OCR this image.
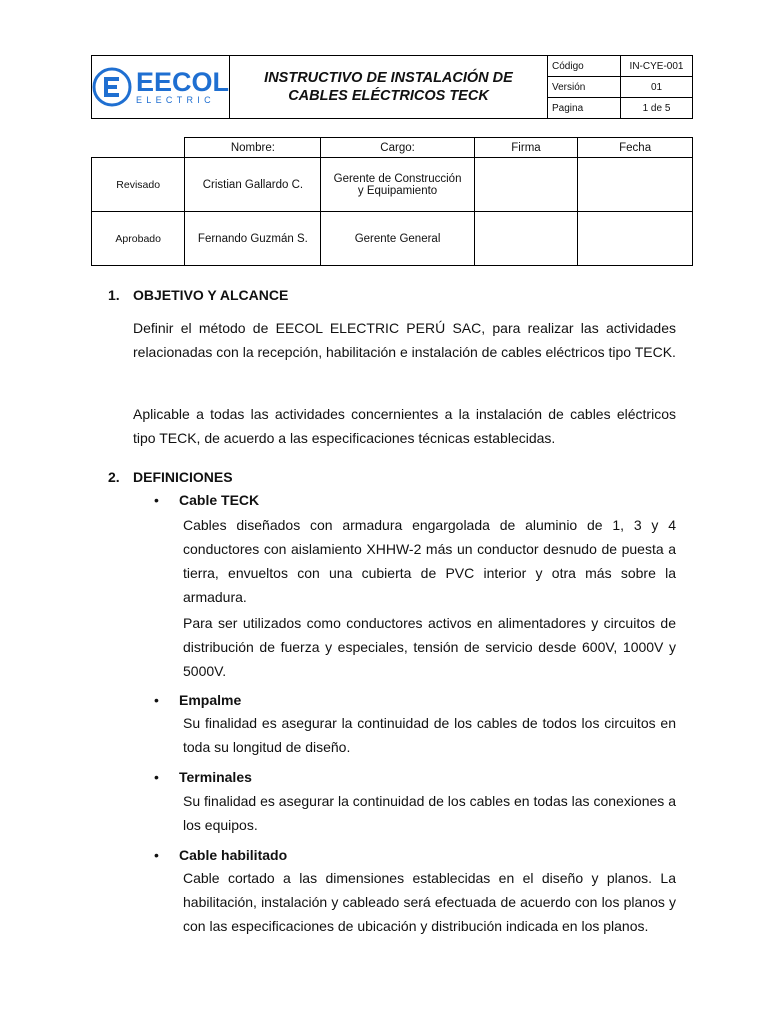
EECOL
ELECTRIC
INSTRUCTIVO DE INSTALACIÓN DE
CABLES ELÉCTRICOS TECK
Código	IN-CYE-001
Versión	01
Pagina	1 de 5
	Nombre:	Cargo:	Firma	Fecha
Revisado	Cristian Gallardo C.	Gerente de Construcción
y Equipamiento		

Aprobado	Fernando Guzmán S.	Gerente General		
1. OBJETIVO Y ALCANCE
Definir el método de EECOL ELECTRIC PERÚ SAC, para realizar las actividades relacionadas con la recepción, habilitación e instalación de cables eléctricos tipo TECK.
Aplicable a todas las actividades concernientes a la instalación de cables eléctricos tipo TECK, de acuerdo a las especificaciones técnicas establecidas.
2. DEFINICIONES
• Cable TECK
Cables diseñados con armadura engargolada de aluminio de 1, 3 y 4 conductores con aislamiento XHHW-2 más un conductor desnudo de puesta a tierra, envueltos con una cubierta de PVC interior y otra más sobre la armadura.
Para ser utilizados como conductores activos en alimentadores y circuitos de distribución de fuerza y especiales, tensión de servicio desde 600V, 1000V y 5000V.
• Empalme
Su finalidad es asegurar la continuidad de los cables de todos los circuitos en toda su longitud de diseño.
• Terminales
Su finalidad es asegurar la continuidad de los cables en todas las conexiones a los equipos.
• Cable habilitado
Cable cortado a las dimensiones establecidas en el diseño y planos. La habilitación, instalación y cableado será efectuada de acuerdo con los planos y con las especificaciones de ubicación y distribución indicada en los planos.
